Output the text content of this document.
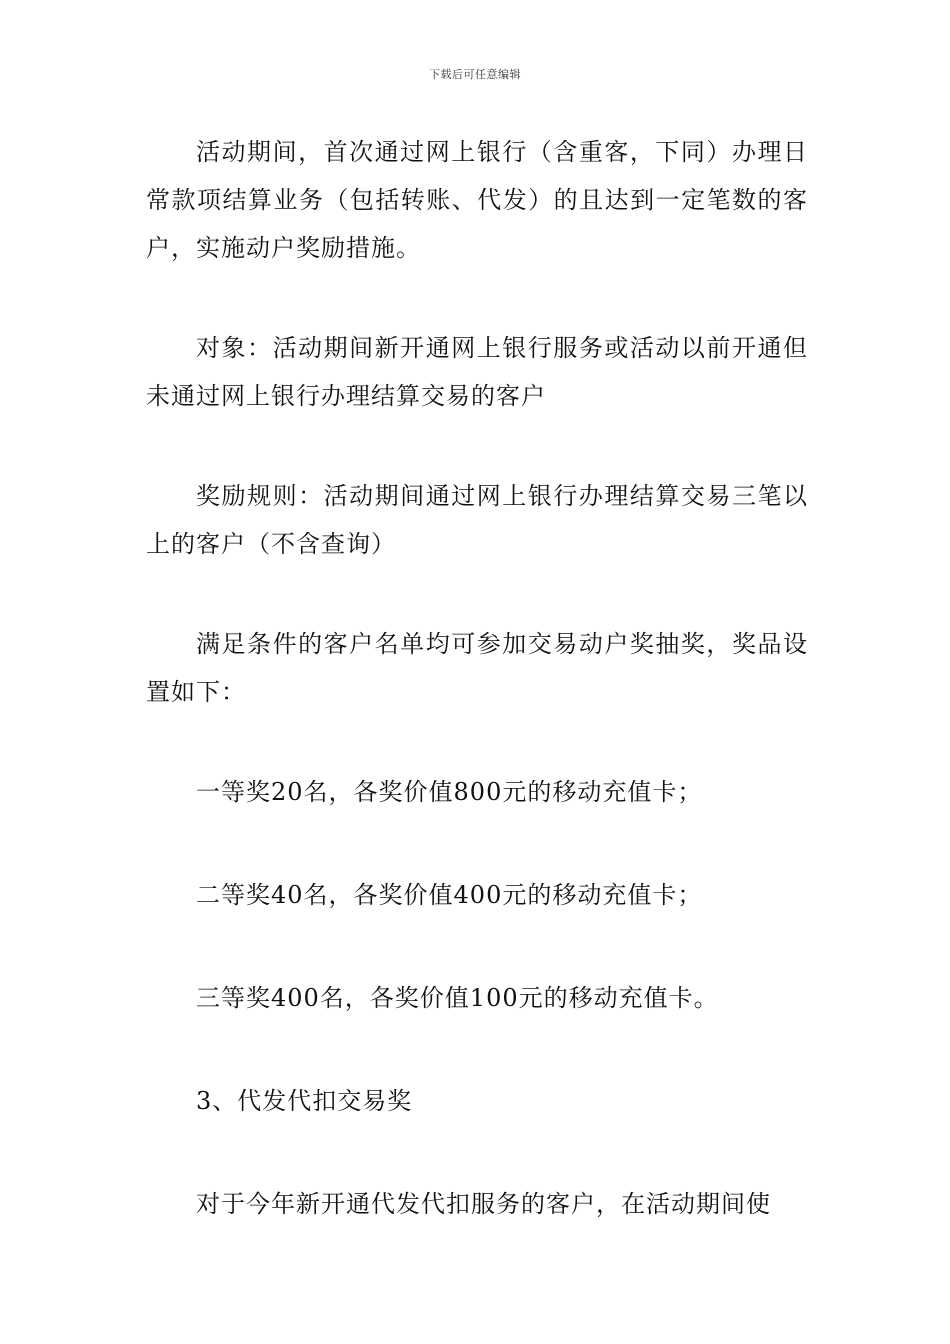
下载后可任意编辑

活动期间，首次通过网上银行（含重客，下同）办理日常款项结算业务（包括转账、代发）的且达到一定笔数的客户，实施动户奖励措施。

对象：活动期间新开通网上银行服务或活动以前开通但未通过网上银行办理结算交易的客户

奖励规则：活动期间通过网上银行办理结算交易三笔以上的客户（不含查询）

满足条件的客户名单均可参加交易动户奖抽奖，奖品设置如下：

一等奖20名，各奖价值800元的移动充值卡；

二等奖40名，各奖价值400元的移动充值卡；

三等奖400名，各奖价值100元的移动充值卡。

3、代发代扣交易奖

对于今年新开通代发代扣服务的客户，在活动期间使
